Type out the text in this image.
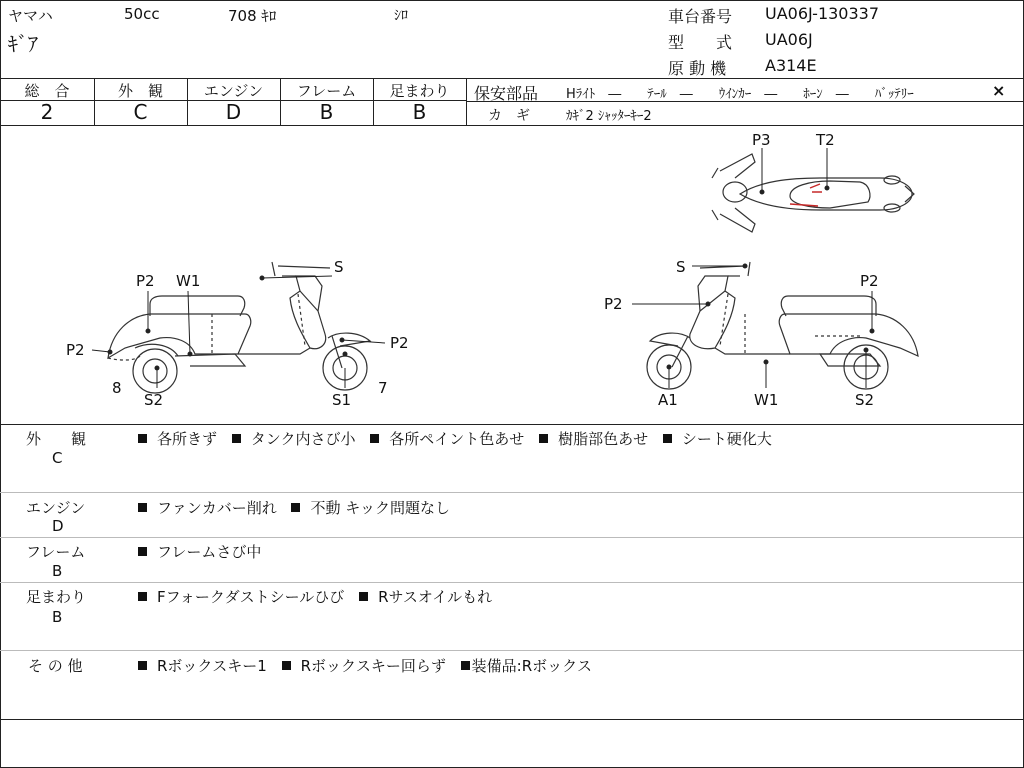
ヤマハ	50cc	708 ｷﾛ	ｼﾛ
ｷﾞｱ
車台番号 UA06J-130337
型　　式 UA06J
原 動 機 A314E
総　合	外　観	エンジン	フレーム	足まわり
2	C	D	B	B
保安部品 Hﾗｲﾄ　―　　ﾃｰﾙ　―　　ｳｲﾝｶｰ　―　　ﾎｰﾝ　―　　ﾊﾞｯﾃﾘｰ	×
カ　ギ	ｶｷﾞ2 ｼｬｯﾀｰｷｰ2
P2 W1
S
P2
P2
8
S2	S1
7
S
P2
P2
A1	W1	S2
P3	T2
外　　観
C
各所きず タンク内さび小 各所ペイント色あせ 樹脂部色あせ シート硬化大
エンジン
D
ファンカバー削れ 不動 キック問題なし
フレーム
B
フレームさび中
足まわり
B
Fフォークダストシールひび Rサスオイルもれ
そ の 他	Rボックスキー1 Rボックスキー回らず 装備品:Rボックス
